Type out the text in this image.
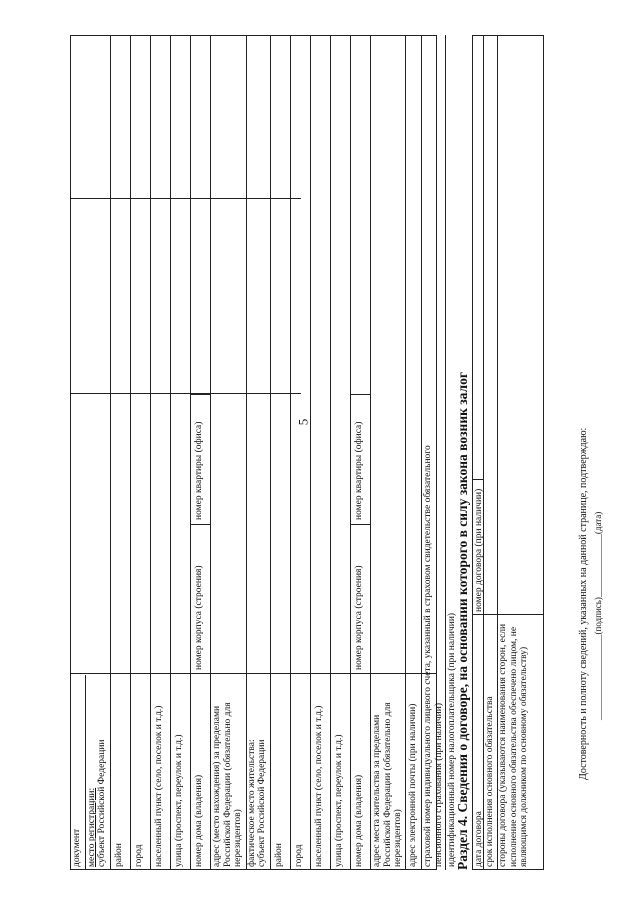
5
документ место регистрации: субъект Российской Федерации район город населенный пункт (село, поселок и т.д.) улица (проспект, переулок и т.д.) номер дома (владения)
номер корпуса (строения)
номер квартиры (офиса)
адрес (место нахождения) за пределами Российской Федерации (обязательно для нерезидентов) фактическое место жительства: субъект Российской Федерации район город населенный пункт (село, поселок и т.д.) улица (проспект, переулок и т.д.) номер дома (владения)
номер корпуса (строения)
номер квартиры (офиса)
адрес места жительства за пределами Российской Федерации (обязательно для нерезидентов) адрес электронной почты (при наличии) страховой номер индивидуального лицевого счета, указанный в страховом свидетельстве обязательного пенсионного страхования (при наличии) идентификационный номер налогоплательщика (при наличии)
Раздел 4. Сведения о договоре, на основании которого в силу закона возник залог дата договора
номер договора (при наличии)
срок исполнения основного обязательства стороны договора (указываются наименования сторон, если исполнение основного обязательства обеспечено лицом, не являющимся должником по основному обязательству)	Достоверность и полноту сведений, указанных на данной странице, подтверждаю: ___________________(подпись)______________(дата)
